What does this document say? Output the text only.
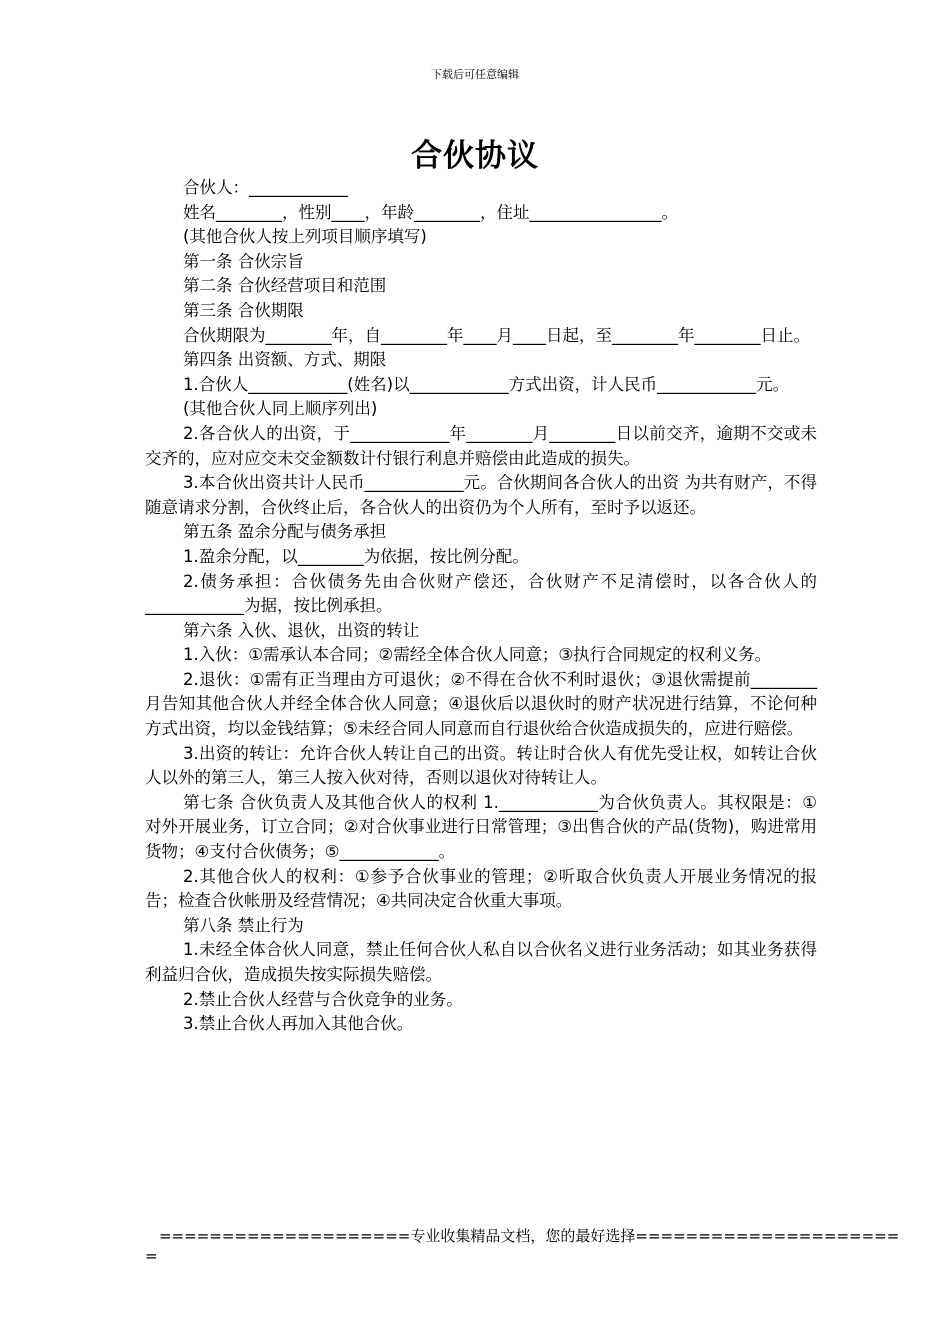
下载后可任意编辑
合伙协议

合伙人：____________

姓名________，性别____，年龄________，住址________________。

(其他合伙人按上列项目顺序填写)

第一条 合伙宗旨

第二条 合伙经营项目和范围

第三条 合伙期限

合伙期限为________年，自________年____月____日起，至________年________日止。

第四条 出资额、方式、期限

1.合伙人____________(姓名)以____________方式出资，计人民币____________元。

(其他合伙人同上顺序列出)

2.各合伙人的出资，于____________年________月________日以前交齐，逾期不交或未交齐的，应对应交未交金额数计付银行利息并赔偿由此造成的损失。

3.本合伙出资共计人民币____________元。合伙期间各合伙人的出资 为共有财产，不得随意请求分割，合伙终止后，各合伙人的出资仍为个人所有，至时予以返还。

第五条 盈余分配与债务承担

1.盈余分配，以________为依据，按比例分配。

2.债务承担：合伙债务先由合伙财产偿还，合伙财产不足清偿时，以各合伙人的____________为据，按比例承担。

第六条 入伙、退伙，出资的转让

1.入伙：①需承认本合同；②需经全体合伙人同意；③执行合同规定的权利义务。

2.退伙：①需有正当理由方可退伙；②不得在合伙不利时退伙；③退伙需提前________月告知其他合伙人并经全体合伙人同意；④退伙后以退伙时的财产状况进行结算，不论何种方式出资，均以金钱结算；⑤未经合同人同意而自行退伙给合伙造成损失的，应进行赔偿。

3.出资的转让：允许合伙人转让自己的出资。转让时合伙人有优先受让权，如转让合伙人以外的第三人，第三人按入伙对待，否则以退伙对待转让人。

第七条 合伙负责人及其他合伙人的权利 1.____________为合伙负责人。其权限是：①对外开展业务，订立合同；②对合伙事业进行日常管理；③出售合伙的产品(货物)，购进常用货物；④支付合伙债务；⑤____________。

2.其他合伙人的权利：①参予合伙事业的管理；②听取合伙负责人开展业务情况的报告；检查合伙帐册及经营情况；④共同决定合伙重大事项。

第八条 禁止行为

1.未经全体合伙人同意，禁止任何合伙人私自以合伙名义进行业务活动；如其业务获得利益归合伙，造成损失按实际损失赔偿。

2.禁止合伙人经营与合伙竞争的业务。

3.禁止合伙人再加入其他合伙。

====================专业收集精品文档，您的最好选择=====================
=
